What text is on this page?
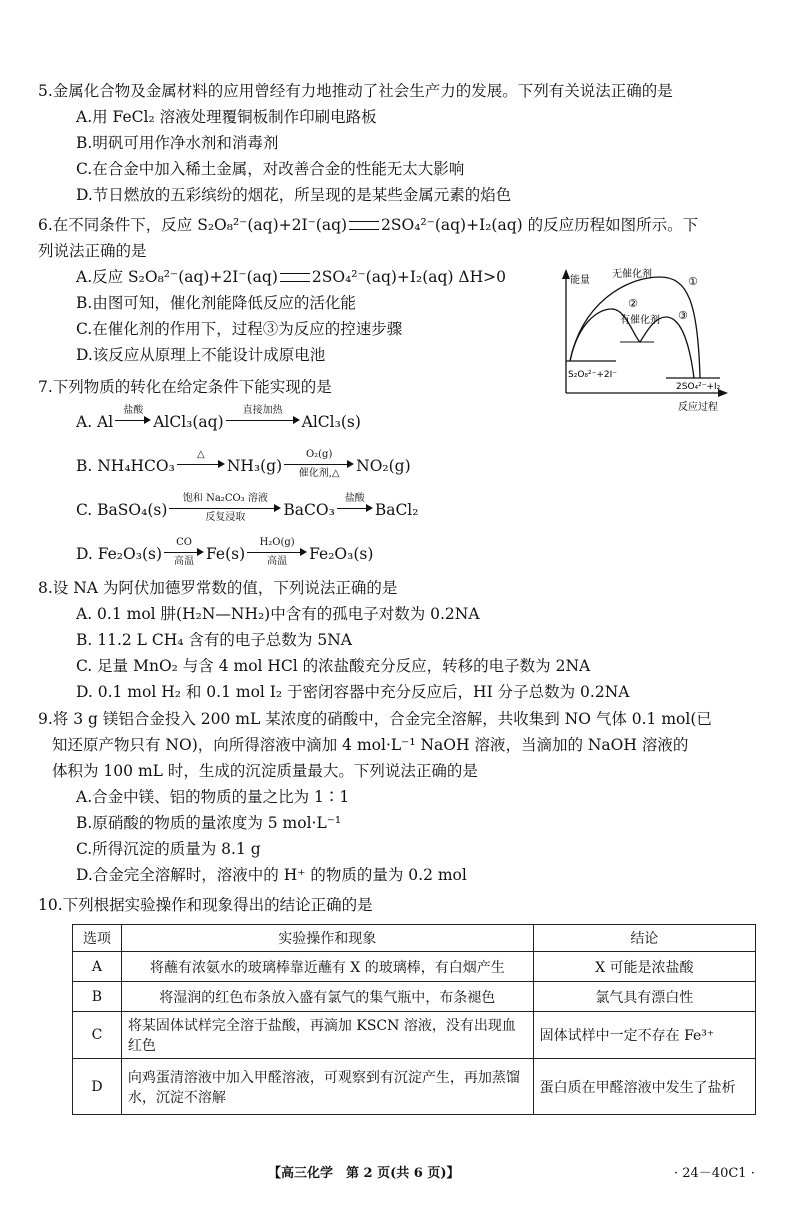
5.金属化合物及金属材料的应用曾经有力地推动了社会生产力的发展。下列有关说法正确的是
A.用 FeCl₂ 溶液处理覆铜板制作印刷电路板
B.明矾可用作净水剂和消毒剂
C.在合金中加入稀土金属，对改善合金的性能无太大影响
D.节日燃放的五彩缤纷的烟花，所呈现的是某些金属元素的焰色
6.在不同条件下，反应 S₂O₈²⁻(aq)+2I⁻(aq) 2SO₄²⁻(aq)+I₂(aq) 的反应历程如图所示。下
列说法正确的是
A.反应 S₂O₈²⁻(aq)+2I⁻(aq) 2SO₄²⁻(aq)+I₂(aq) ΔH>0
B.由图可知，催化剂能降低反应的活化能
C.在催化剂的作用下，过程③为反应的控速步骤
D.该反应从原理上不能设计成原电池
能量
反应过程
S₂O₈²⁻+2I⁻
2SO₄²⁻+I₂
无催化剂
有催化剂
①
②
③
7.下列物质的转化在给定条件下能实现的是
A. Al
盐酸
AlCl₃(aq)
直接加热
AlCl₃(s)
B. NH₄HCO₃
△
NH₃(g)
O₂(g)
催化剂,△ NO₂(g)
C. BaSO₄(s)
饱和 Na₂CO₃ 溶液
反复浸取 BaCO₃
盐酸
BaCl₂
D. Fe₂O₃(s)
CO
高温 Fe(s)
H₂O(g)
高温 Fe₂O₃(s)
8.设 NA 为阿伏加德罗常数的值，下列说法正确的是
A. 0.1 mol 肼(H₂N—NH₂)中含有的孤电子对数为 0.2NA
B. 11.2 L CH₄ 含有的电子总数为 5NA
C. 足量 MnO₂ 与含 4 mol HCl 的浓盐酸充分反应，转移的电子数为 2NA
D. 0.1 mol H₂ 和 0.1 mol I₂ 于密闭容器中充分反应后，HI 分子总数为 0.2NA
9.将 3 g 镁铝合金投入 200 mL 某浓度的硝酸中，合金完全溶解，共收集到 NO 气体 0.1 mol(已
知还原产物只有 NO)，向所得溶液中滴加 4 mol·L⁻¹ NaOH 溶液，当滴加的 NaOH 溶液的
体积为 100 mL 时，生成的沉淀质量最大。下列说法正确的是
A.合金中镁、铝的物质的量之比为 1∶1
B.原硝酸的物质的量浓度为 5 mol·L⁻¹
C.所得沉淀的质量为 8.1 g
D.合金完全溶解时，溶液中的 H⁺ 的物质的量为 0.2 mol
10.下列根据实验操作和现象得出的结论正确的是
选项	实验操作和现象	结论
A	将蘸有浓氨水的玻璃棒靠近蘸有 X 的玻璃棒，有白烟产生	X 可能是浓盐酸
B	将湿润的红色布条放入盛有氯气的集气瓶中，布条褪色	氯气具有漂白性
C	将某固体试样完全溶于盐酸，再滴加 KSCN 溶液，没有出现血红色	固体试样中一定不存在 Fe³⁺
D	向鸡蛋清溶液中加入甲醛溶液，可观察到有沉淀产生，再加蒸馏水，沉淀不溶解	蛋白质在甲醛溶液中发生了盐析
【高三化学　第 2 页(共 6 页)】	· 24－40C1 ·
